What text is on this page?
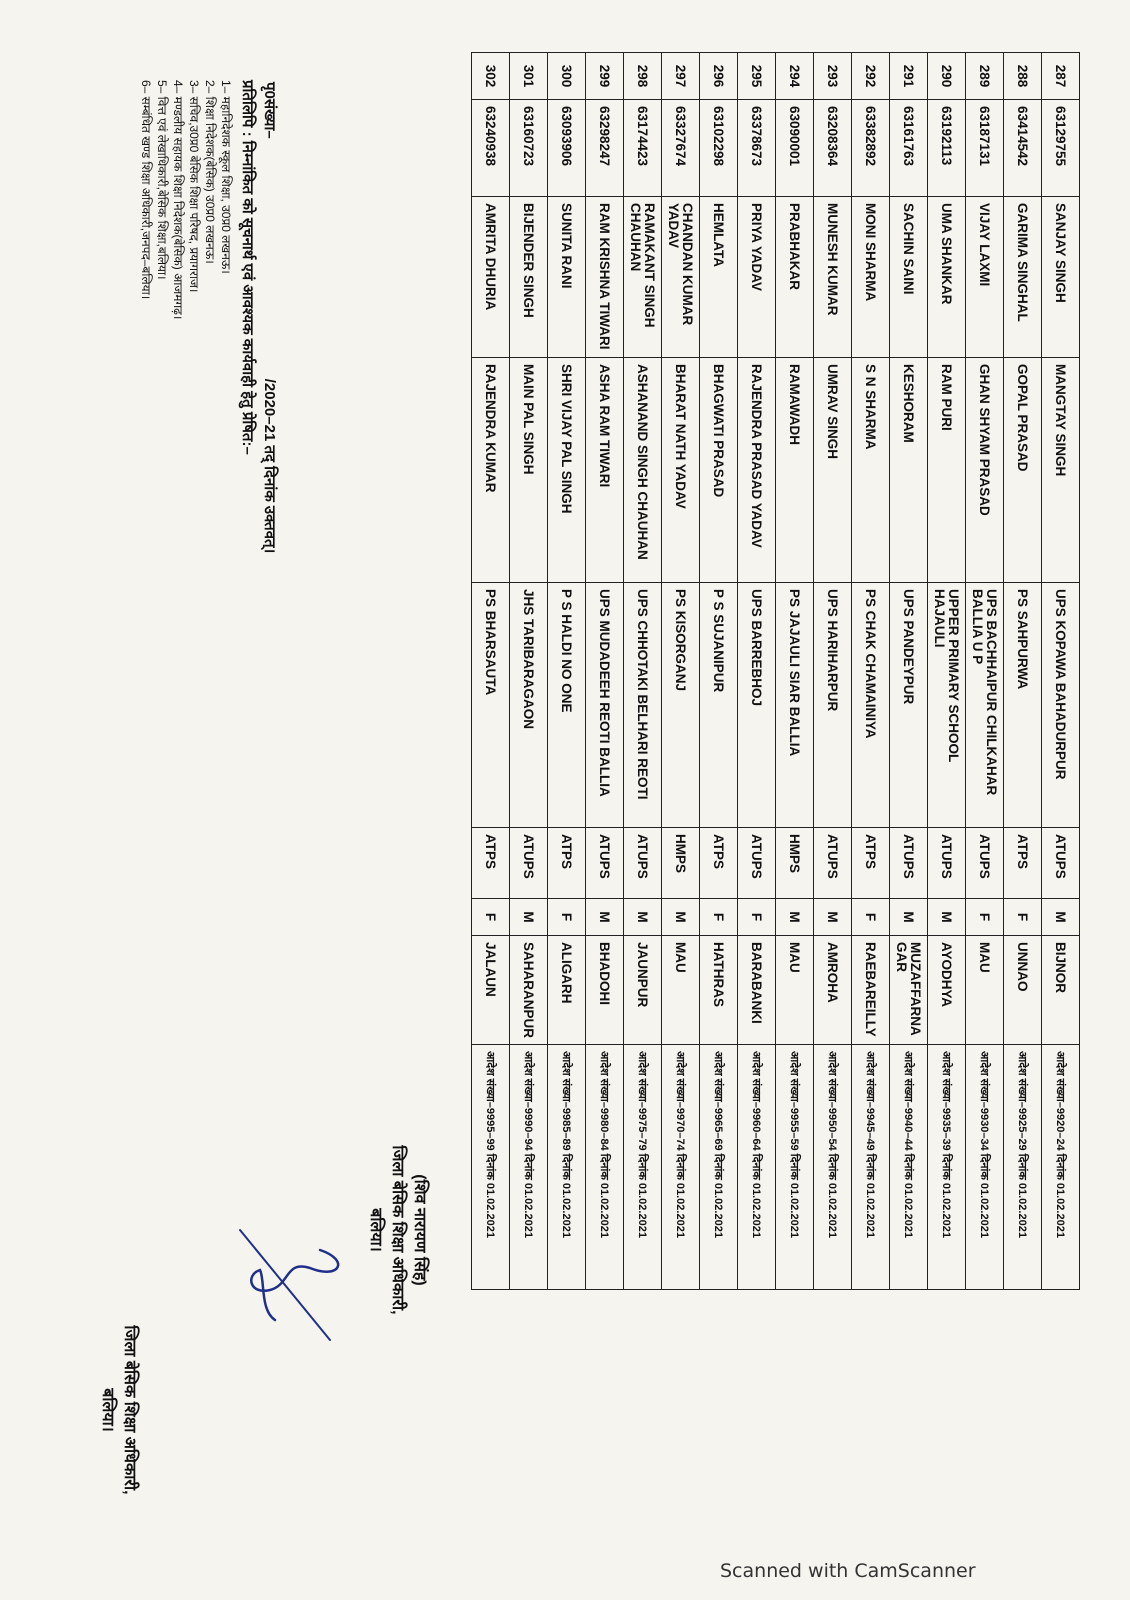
287	63129755	SANJAY SINGH	MANGTAY SINGH	UPS KOPAWA BAHADURPUR	ATUPS	M	BIJNOR	आदेश संख्या–9920–24 दिनांक 01.02.2021
288	63414542	GARIMA SINGHAL	GOPAL PRASAD	PS SAHPURWA	ATPS	F	UNNAO	आदेश संख्या–9925–29 दिनांक 01.02.2021
289	63187131	VIJAY LAXMI	GHAN SHYAM PRASAD	UPS BACHHAIPUR CHILKAHAR BALLIA U P	ATUPS	F	MAU	आदेश संख्या–9930–34 दिनांक 01.02.2021
290	63192113	UMA SHANKAR	RAM PURI	UPPER PRIMARY SCHOOL HAJAULI	ATUPS	M	AYODHYA	आदेश संख्या–9935–39 दिनांक 01.02.2021
291	63161763	SACHIN SAINI	KESHORAM	UPS PANDEYPUR	ATUPS	M	MUZAFFARNA GAR	आदेश संख्या–9940–44 दिनांक 01.02.2021
292	63382892	MONI SHARMA	S N SHARMA	PS CHAK CHAMAINIYA	ATPS	F	RAEBAREILLY	आदेश संख्या–9945–49 दिनांक 01.02.2021
293	63208364	MUNESH KUMAR	UMRAV SINGH	UPS HARIHARPUR	ATUPS	M	AMROHA	आदेश संख्या–9950–54 दिनांक 01.02.2021
294	63090001	PRABHAKAR	RAMAWADH	PS JAJAULI SIAR BALLIA	HMPS	M	MAU	आदेश संख्या–9955–59 दिनांक 01.02.2021
295	63378673	PRIYA YADAV	RAJENDRA PRASAD YADAV	UPS BARREBHOJ	ATUPS	F	BARABANKI	आदेश संख्या–9960–64 दिनांक 01.02.2021
296	63102298	HEMLATA	BHAGWATI PRASAD	P S SUJANIPUR	ATPS	F	HATHRAS	आदेश संख्या–9965–69 दिनांक 01.02.2021
297	63327674	CHANDAN KUMAR YADAV	BHARAT NATH YADAV	PS KISORGANJ	HMPS	M	MAU	आदेश संख्या–9970–74 दिनांक 01.02.2021
298	63174423	RAMAKANT SINGH CHAUHAN	ASHANAND SINGH CHAUHAN	UPS CHHOTAKI BELHARI REOTI	ATUPS	M	JAUNPUR	आदेश संख्या–9975–79 दिनांक 01.02.2021
299	63298247	RAM KRISHNA TIWARI	ASHA RAM TIWARI	UPS MUDADEEH REOTI BALLIA	ATUPS	M	BHADOHI	आदेश संख्या–9980–84 दिनांक 01.02.2021
300	63093906	SUNITA RANI	SHRI VIJAY PAL SINGH	P S HALDI NO ONE	ATPS	F	ALIGARH	आदेश संख्या–9985–89 दिनांक 01.02.2021
301	63160723	BIJENDER SINGH	MAIN PAL SINGH	JHS TARIBARAGAON	ATUPS	M	SAHARANPUR	आदेश संख्या–9990–94 दिनांक 01.02.2021
302	63240938	AMRITA DHURIA	RAJENDRA KUMAR	PS BHARSAUTA	ATPS	F	JALAUN	आदेश संख्या–9995–99 दिनांक 01.02.2021
(शिव नारायण सिंह)
जिला बेसिक शिक्षा अधिकारी,
बलिया।
पृ0संख्या–/2020–21 तद् दिनांक उक्तवत्।
प्रतिलिपि : निम्नांकित को सूचनार्थ एवं आवश्यक कार्यवाही हेतु प्रेषित:–
1– महानिदेशक स्कूल शिक्षा, उ0प्र0 लखनऊ।
2– शिक्षा निदेशक(बेसिक) उ0प्र0 लखनऊ।
3– सचिव,उ0प्र0 बेसिक शिक्षा परिषद, प्रयागराज।
4– मण्डलीय सहायक शिक्षा निदेशक(बेसिक) आजमगढ़।
5– वित्त एवं लेखाधिकारी,बेसिक शिक्षा,बलिया।
6– सम्बंधित खण्ड शिक्षा अधिकारी,जनपद–बलिया।
जिला बेसिक शिक्षा अधिकारी,
बलिया।
Scanned with CamScanner
